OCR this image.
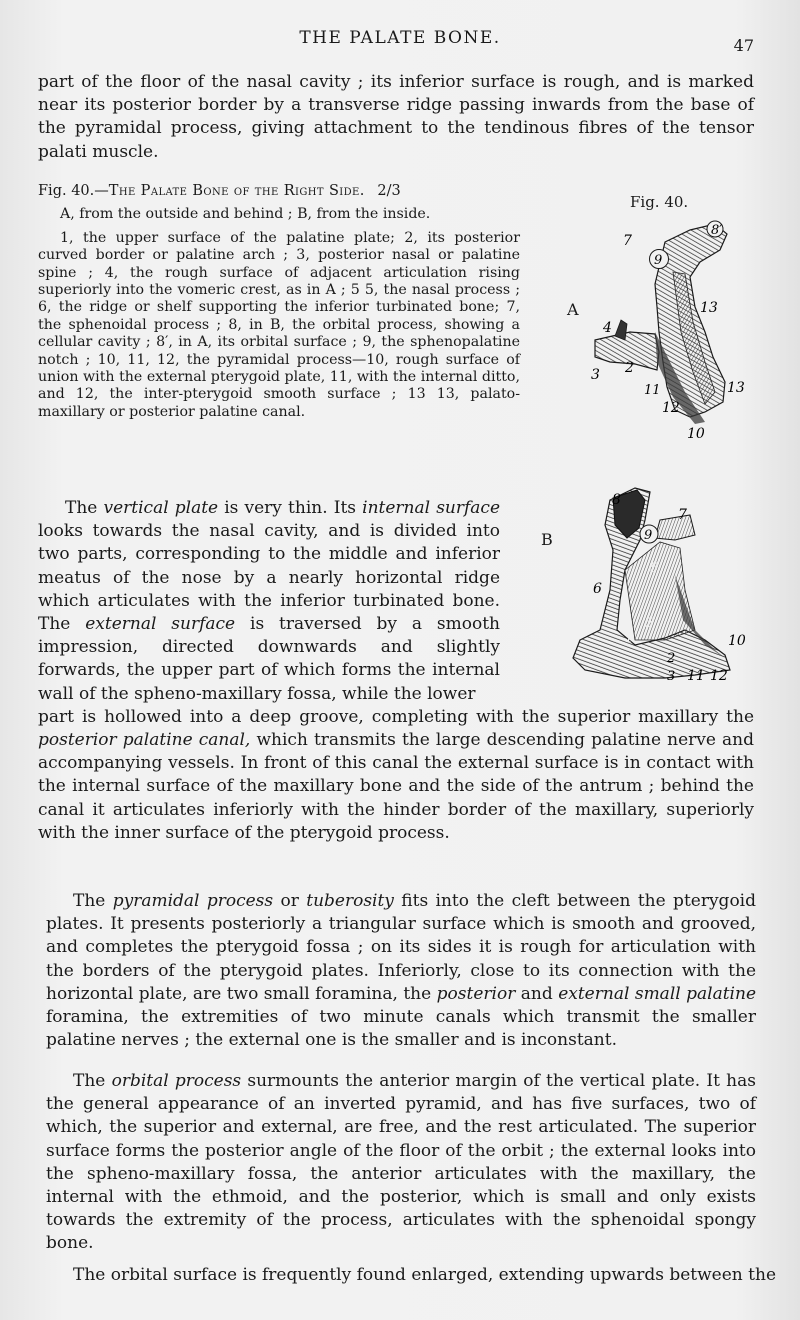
THE PALATE BONE.	47

part of the floor of the nasal cavity ; its inferior surface is rough, and is marked near its posterior border by a transverse ridge passing inwards from the base of the pyramidal process, giving attachment to the tendinous fibres of the tensor palati muscle.

Fig. 40.—The Palate Bone of the Right Side. 2/3
A, from the outside and behind ; B, from the inside.
1, the upper surface of the palatine plate; 2, its posterior curved border or palatine arch ; 3, posterior nasal or palatine spine ; 4, the rough surface of adjacent articulation rising superiorly into the vomeric crest, as in A ; 5 5, the nasal process ; 6, the ridge or shelf supporting the inferior turbinated bone; 7, the sphenoidal process ; 8, in B, the orbital process, showing a cellular cavity ; 8′, in A, its orbital surface ; 9, the sphenopalatine notch ; 10, 11, 12, the pyramidal process—10, rough surface of union with the external pterygoid plate, 11, with the internal ditto, and 12, the inter-pterygoid smooth surface ; 13 13, palato-maxillary or posterior palatine canal.
Fig. 40.
8′
7
9
13
4
2
3
11
12
13
10
A
8
7
9
5
6
5
1	10
2
3 11 12
B
The vertical plate is very thin. Its internal surface looks towards the nasal cavity, and is divided into two parts, corresponding to the middle and inferior meatus of the nose by a nearly horizontal ridge which articulates with the inferior turbinated bone. The external surface is traversed by a smooth impression, directed downwards and slightly forwards, the upper part of which forms the internal wall of the spheno-maxillary fossa, while the lower
part is hollowed into a deep groove, completing with the superior maxillary the posterior palatine canal, which transmits the large descending palatine nerve and accompanying vessels. In front of this canal the external surface is in contact with the internal surface of the maxillary bone and the side of the antrum ; behind the canal it articulates inferiorly with the hinder border of the maxillary, superiorly with the inner surface of the pterygoid process.

The pyramidal process or tuberosity fits into the cleft between the pterygoid plates. It presents posteriorly a triangular surface which is smooth and grooved, and completes the pterygoid fossa ; on its sides it is rough for articulation with the borders of the pterygoid plates. Inferiorly, close to its connection with the horizontal plate, are two small foramina, the posterior and external small palatine foramina, the extremities of two minute canals which transmit the smaller palatine nerves ; the external one is the smaller and is inconstant.

The orbital process surmounts the anterior margin of the vertical plate. It has the general appearance of an inverted pyramid, and has five surfaces, two of which, the superior and external, are free, and the rest articulated. The superior surface forms the posterior angle of the floor of the orbit ; the external looks into the spheno-maxillary fossa, the anterior articulates with the maxillary, the internal with the ethmoid, and the posterior, which is small and only exists towards the extremity of the process, articulates with the sphenoidal spongy bone.

The orbital surface is frequently found enlarged, extending upwards between the
